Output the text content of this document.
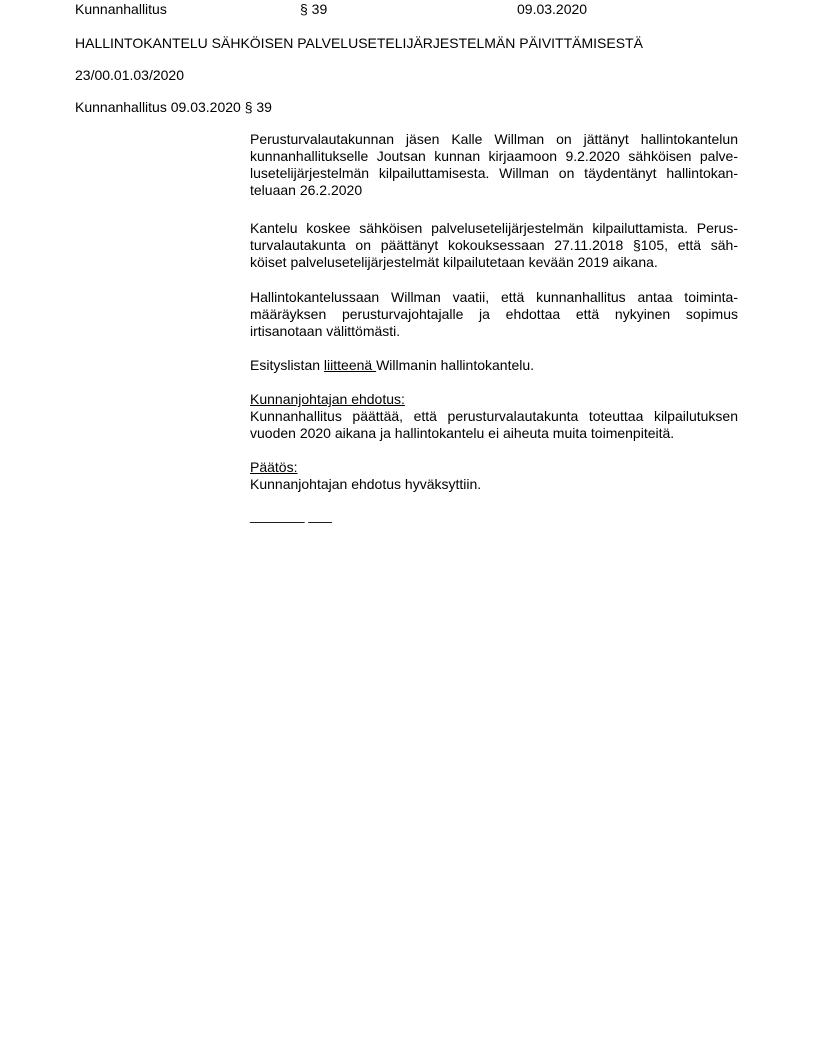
Kunnanhallitus	§ 39	09.03.2020
HALLINTOKANTELU SÄHKÖISEN PALVELUSETELIJÄRJESTELMÄN PÄIVITTÄMISESTÄ
23/00.01.03/2020
Kunnanhallitus 09.03.2020 § 39
Perusturvalautakunnan jäsen Kalle Willman on jättänyt hallintokantelun
kunnanhallitukselle Joutsan kunnan kirjaamoon 9.2.2020 sähköisen palve-
lusetelijärjestelmän kilpailuttamisesta. Willman on täydentänyt hallintokan-
teluaan 26.2.2020
Kantelu koskee sähköisen palvelusetelijärjestelmän kilpailuttamista. Perus-
turvalautakunta on päättänyt kokouksessaan 27.11.2018 §105, että säh-
köiset palvelusetelijärjestelmät kilpailutetaan kevään 2019 aikana.
Hallintokantelussaan Willman vaatii, että kunnanhallitus antaa toiminta-
määräyksen perusturvajohtajalle ja ehdottaa että nykyinen sopimus
irtisanotaan välittömästi.
Esityslistan liitteenä Willmanin hallintokantelu.
Kunnanjohtajan ehdotus:
Kunnanhallitus päättää, että perusturvalautakunta toteuttaa kilpailutuksen
vuoden 2020 aikana ja hallintokantelu ei aiheuta muita toimenpiteitä.
Päätös:
Kunnanjohtajan ehdotus hyväksyttiin.
_______ ___
